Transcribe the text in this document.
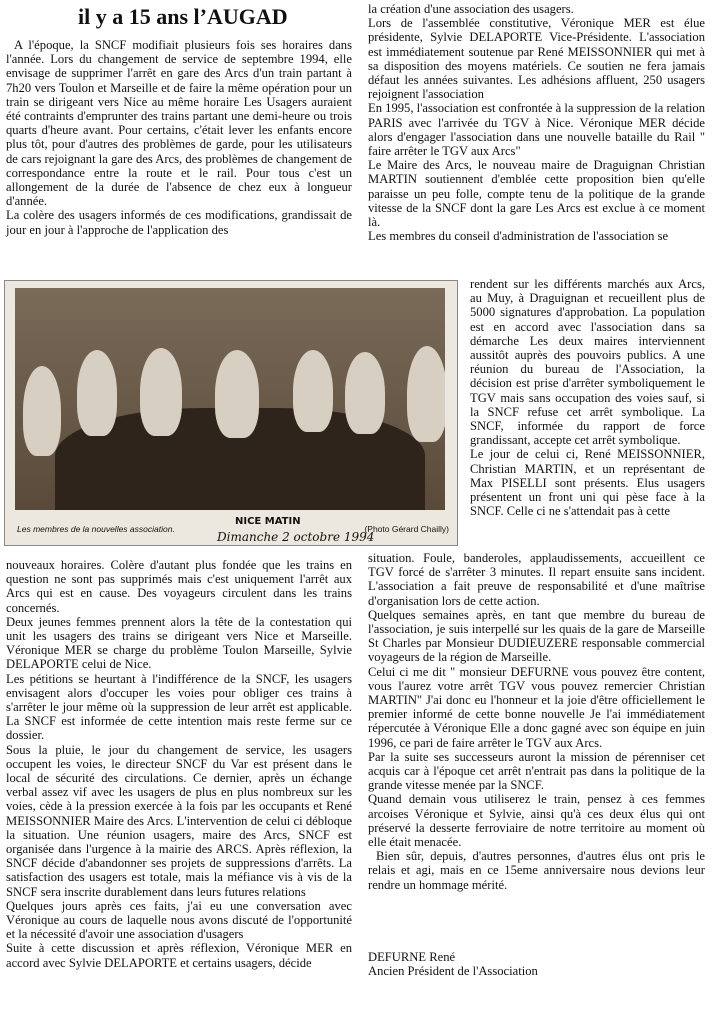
il y a 15 ans l’AUGAD

A l'époque, la SNCF modifiait plusieurs fois ses horaires dans l'année. Lors du changement de service de septembre 1994, elle envisage de supprimer l'arrêt en gare des Arcs d'un train partant à 7h20 vers Toulon et Marseille et de faire la même opération pour un train se dirigeant vers Nice au même horaire Les Usagers auraient été contraints d'emprunter des trains partant une demi-heure ou trois quarts d'heure avant. Pour certains, c'était lever les enfants encore plus tôt, pour d'autres des problèmes de garde, pour les utilisateurs de cars rejoignant la gare des Arcs, des problèmes de changement de correspondance entre la route et le rail. Pour tous c'est un allongement de la durée de l'absence de chez eux à longueur d'année.

La colère des usagers informés de ces modifications, grandissait de jour en jour à l'approche de l'application des

Les membres de la nouvelles association.	(Photo Gérard Chailly)
NICE MATIN
Dimanche 2 octobre 1994

nouveaux horaires. Colère d'autant plus fondée que les trains en question ne sont pas supprimés mais c'est uniquement l'arrêt aux Arcs qui est en cause. Des voyageurs circulent dans les trains concernés.

Deux jeunes femmes prennent alors la tête de la contestation qui unit les usagers des trains se dirigeant vers Nice et Marseille. Véronique MER se charge du problème Toulon Marseille, Sylvie DELAPORTE celui de Nice.

Les pétitions se heurtant à l'indifférence de la SNCF, les usagers envisagent alors d'occuper les voies pour obliger ces trains à s'arrêter le jour même où la suppression de leur arrêt est applicable. La SNCF est informée de cette intention mais reste ferme sur ce dossier.

Sous la pluie, le jour du changement de service, les usagers occupent les voies, le directeur SNCF du Var est présent dans le local de sécurité des circulations. Ce dernier, après un échange verbal assez vif avec les usagers de plus en plus nombreux sur les voies, cède à la pression exercée à la fois par les occupants et René MEISSONNIER Maire des Arcs. L'intervention de celui ci débloque la situation. Une réunion usagers, maire des Arcs, SNCF est organisée dans l'urgence à la mairie des ARCS. Après réflexion, la SNCF décide d'abandonner ses projets de suppressions d'arrêts. La satisfaction des usagers est totale, mais la méfiance vis à vis de la SNCF sera inscrite durablement dans leurs futures relations

Quelques jours après ces faits, j'ai eu une conversation avec Véronique au cours de laquelle nous avons discuté de l'opportunité et la nécessité d'avoir une association d'usagers

Suite à cette discussion et après réflexion, Véronique MER en accord avec Sylvie DELAPORTE et certains usagers, décide

la création d'une association des usagers.

Lors de l'assemblée constitutive, Véronique MER est élue présidente, Sylvie DELAPORTE Vice-Présidente. L'association est immédiatement soutenue par René MEISSONNIER qui met à sa disposition des moyens matériels. Ce soutien ne fera jamais défaut les années suivantes. Les adhésions affluent, 250 usagers rejoignent l'association

En 1995, l'association est confrontée à la suppression de la relation PARIS avec l'arrivée du TGV à Nice. Véronique MER décide alors d'engager l'association dans une nouvelle bataille du Rail " faire arrêter le TGV aux Arcs"

Le Maire des Arcs, le nouveau maire de Draguignan Christian MARTIN soutiennent d'emblée cette proposition bien qu'elle paraisse un peu folle, compte tenu de la politique de la grande vitesse de la SNCF dont la gare Les Arcs est exclue à ce moment là.

Les membres du conseil d'administration de l'association se

rendent sur les différents marchés aux Arcs, au Muy, à Draguignan et recueillent plus de 5000 signatures d'approbation. La population est en accord avec l'association dans sa démarche Les deux maires interviennent aussitôt auprès des pouvoirs publics. A une réunion du bureau de l'Association, la décision est prise d'arrêter symboliquement le TGV mais sans occupation des voies sauf, si la SNCF refuse cet arrêt symbolique. La SNCF, informée du rapport de force grandissant, accepte cet arrêt symbolique.

Le jour de celui ci, René MEISSONNIER, Christian MARTIN, et un représentant de Max PISELLI sont présents. Elus usagers présentent un front uni qui pèse face à la SNCF. Celle ci ne s'attendait pas à cette

situation. Foule, banderoles, applaudissements, accueillent ce TGV forcé de s'arrêter 3 minutes. Il repart ensuite sans incident. L'association a fait preuve de responsabilité et d'une maîtrise d'organisation lors de cette action.

Quelques semaines après, en tant que membre du bureau de l'association, je suis interpellé sur les quais de la gare de Marseille St Charles par Monsieur DUDIEUZERE responsable commercial voyageurs de la région de Marseille.

Celui ci me dit " monsieur DEFURNE vous pouvez être content, vous l'aurez votre arrêt TGV vous pouvez remercier Christian MARTIN" J'ai donc eu l'honneur et la joie d'être officiellement le premier informé de cette bonne nouvelle Je l'ai immédiatement répercutée à Véronique Elle a donc gagné avec son équipe en juin 1996, ce pari de faire arrêter le TGV aux Arcs.

Par la suite ses successeurs auront la mission de pérenniser cet acquis car à l'époque cet arrêt n'entrait pas dans la politique de la grande vitesse menée par la SNCF.

Quand demain vous utiliserez le train, pensez à ces femmes arcoises Véronique et Sylvie, ainsi qu'à ces deux élus qui ont préservé la desserte ferroviaire de notre territoire au moment où elle était menacée.

Bien sûr, depuis, d'autres personnes, d'autres élus ont pris le relais et agi, mais en ce 15eme anniversaire nous devions leur rendre un hommage mérité.

DEFURNE René
Ancien Président de l'Association
